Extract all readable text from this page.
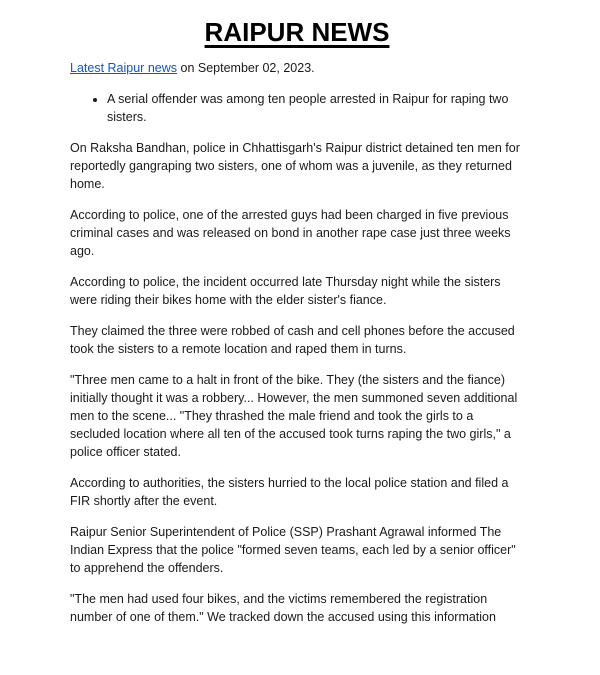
RAIPUR NEWS

Latest Raipur news on September 02, 2023.

• A serial offender was among ten people arrested in Raipur for raping two sisters.

On Raksha Bandhan, police in Chhattisgarh's Raipur district detained ten men for reportedly gangraping two sisters, one of whom was a juvenile, as they returned home.

According to police, one of the arrested guys had been charged in five previous criminal cases and was released on bond in another rape case just three weeks ago.

According to police, the incident occurred late Thursday night while the sisters were riding their bikes home with the elder sister's fiance.

They claimed the three were robbed of cash and cell phones before the accused took the sisters to a remote location and raped them in turns.

"Three men came to a halt in front of the bike. They (the sisters and the fiance) initially thought it was a robbery... However, the men summoned seven additional men to the scene... "They thrashed the male friend and took the girls to a secluded location where all ten of the accused took turns raping the two girls," a police officer stated.

According to authorities, the sisters hurried to the local police station and filed a FIR shortly after the event.

Raipur Senior Superintendent of Police (SSP) Prashant Agrawal informed The Indian Express that the police "formed seven teams, each led by a senior officer" to apprehend the offenders.

"The men had used four bikes, and the victims remembered the registration number of one of them." We tracked down the accused using this information
